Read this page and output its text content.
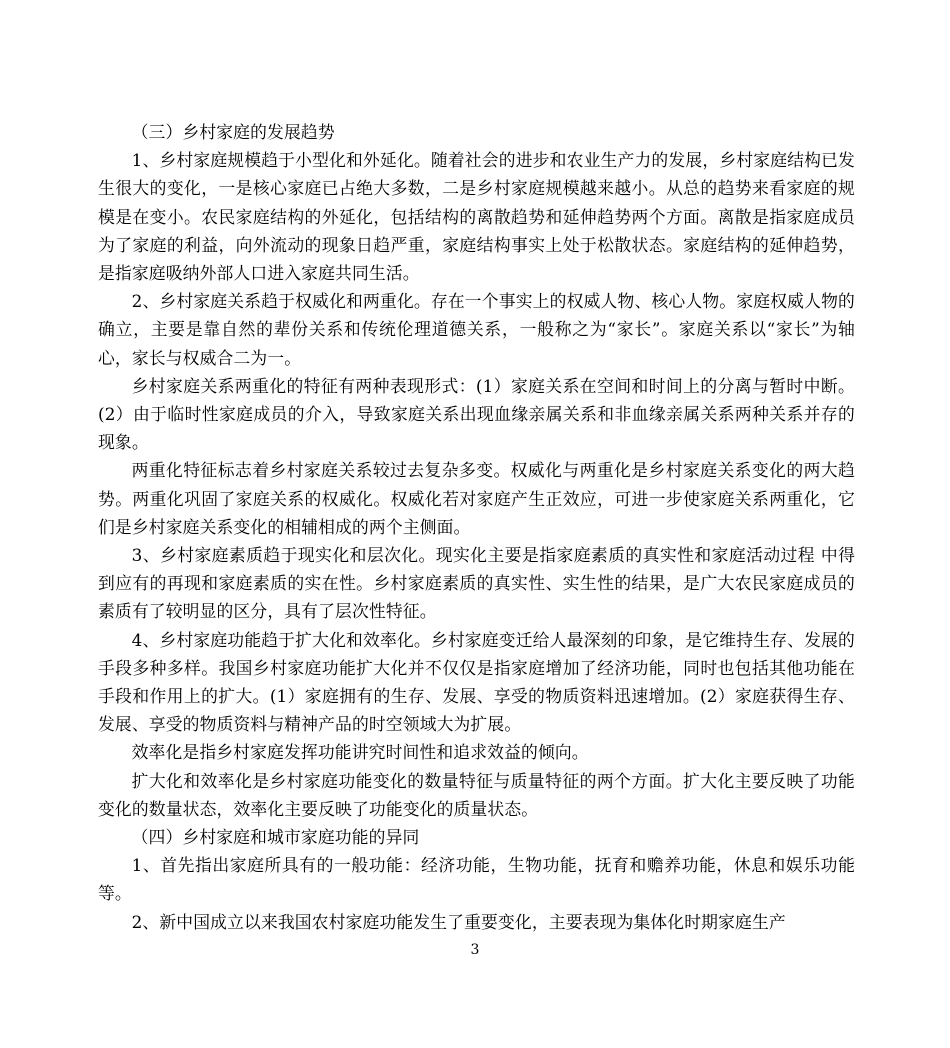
（三）乡村家庭的发展趋势

1、乡村家庭规模趋于小型化和外延化。随着社会的进步和农业生产力的发展，乡村家庭结构已发生很大的变化，一是核心家庭已占绝大多数，二是乡村家庭规模越来越小。从总的趋势来看家庭的规模是在变小。农民家庭结构的外延化，包括结构的离散趋势和延伸趋势两个方面。离散是指家庭成员为了家庭的利益，向外流动的现象日趋严重，家庭结构事实上处于松散状态。家庭结构的延伸趋势，是指家庭吸纳外部人口进入家庭共同生活。

2、乡村家庭关系趋于权威化和两重化。存在一个事实上的权威人物、核心人物。家庭权威人物的确立，主要是靠自然的辈份关系和传统伦理道德关系，一般称之为“家长”。家庭关系以“家长”为轴心，家长与权威合二为一。

乡村家庭关系两重化的特征有两种表现形式：(1）家庭关系在空间和时间上的分离与暂时中断。(2）由于临时性家庭成员的介入，导致家庭关系出现血缘亲属关系和非血缘亲属关系两种关系并存的现象。

两重化特征标志着乡村家庭关系较过去复杂多变。权威化与两重化是乡村家庭关系变化的两大趋势。两重化巩固了家庭关系的权威化。权威化若对家庭产生正效应，可进一步使家庭关系两重化，它们是乡村家庭关系变化的相辅相成的两个主侧面。

3、乡村家庭素质趋于现实化和层次化。现实化主要是指家庭素质的真实性和家庭活动过程 中得到应有的再现和家庭素质的实在性。乡村家庭素质的真实性、实生性的结果，是广大农民家庭成员的素质有了较明显的区分，具有了层次性特征。

4、乡村家庭功能趋于扩大化和效率化。乡村家庭变迁给人最深刻的印象，是它维持生存、发展的手段多种多样。我国乡村家庭功能扩大化并不仅仅是指家庭增加了经济功能，同时也包括其他功能在手段和作用上的扩大。(1）家庭拥有的生存、发展、享受的物质资料迅速增加。(2）家庭获得生存、发展、享受的物质资料与精神产品的时空领域大为扩展。

效率化是指乡村家庭发挥功能讲究时间性和追求效益的倾向。

扩大化和效率化是乡村家庭功能变化的数量特征与质量特征的两个方面。扩大化主要反映了功能变化的数量状态，效率化主要反映了功能变化的质量状态。

（四）乡村家庭和城市家庭功能的异同

1、首先指出家庭所具有的一般功能：经济功能，生物功能，抚育和赡养功能，休息和娱乐功能等。

2、新中国成立以来我国农村家庭功能发生了重要变化，主要表现为集体化时期家庭生产

3
